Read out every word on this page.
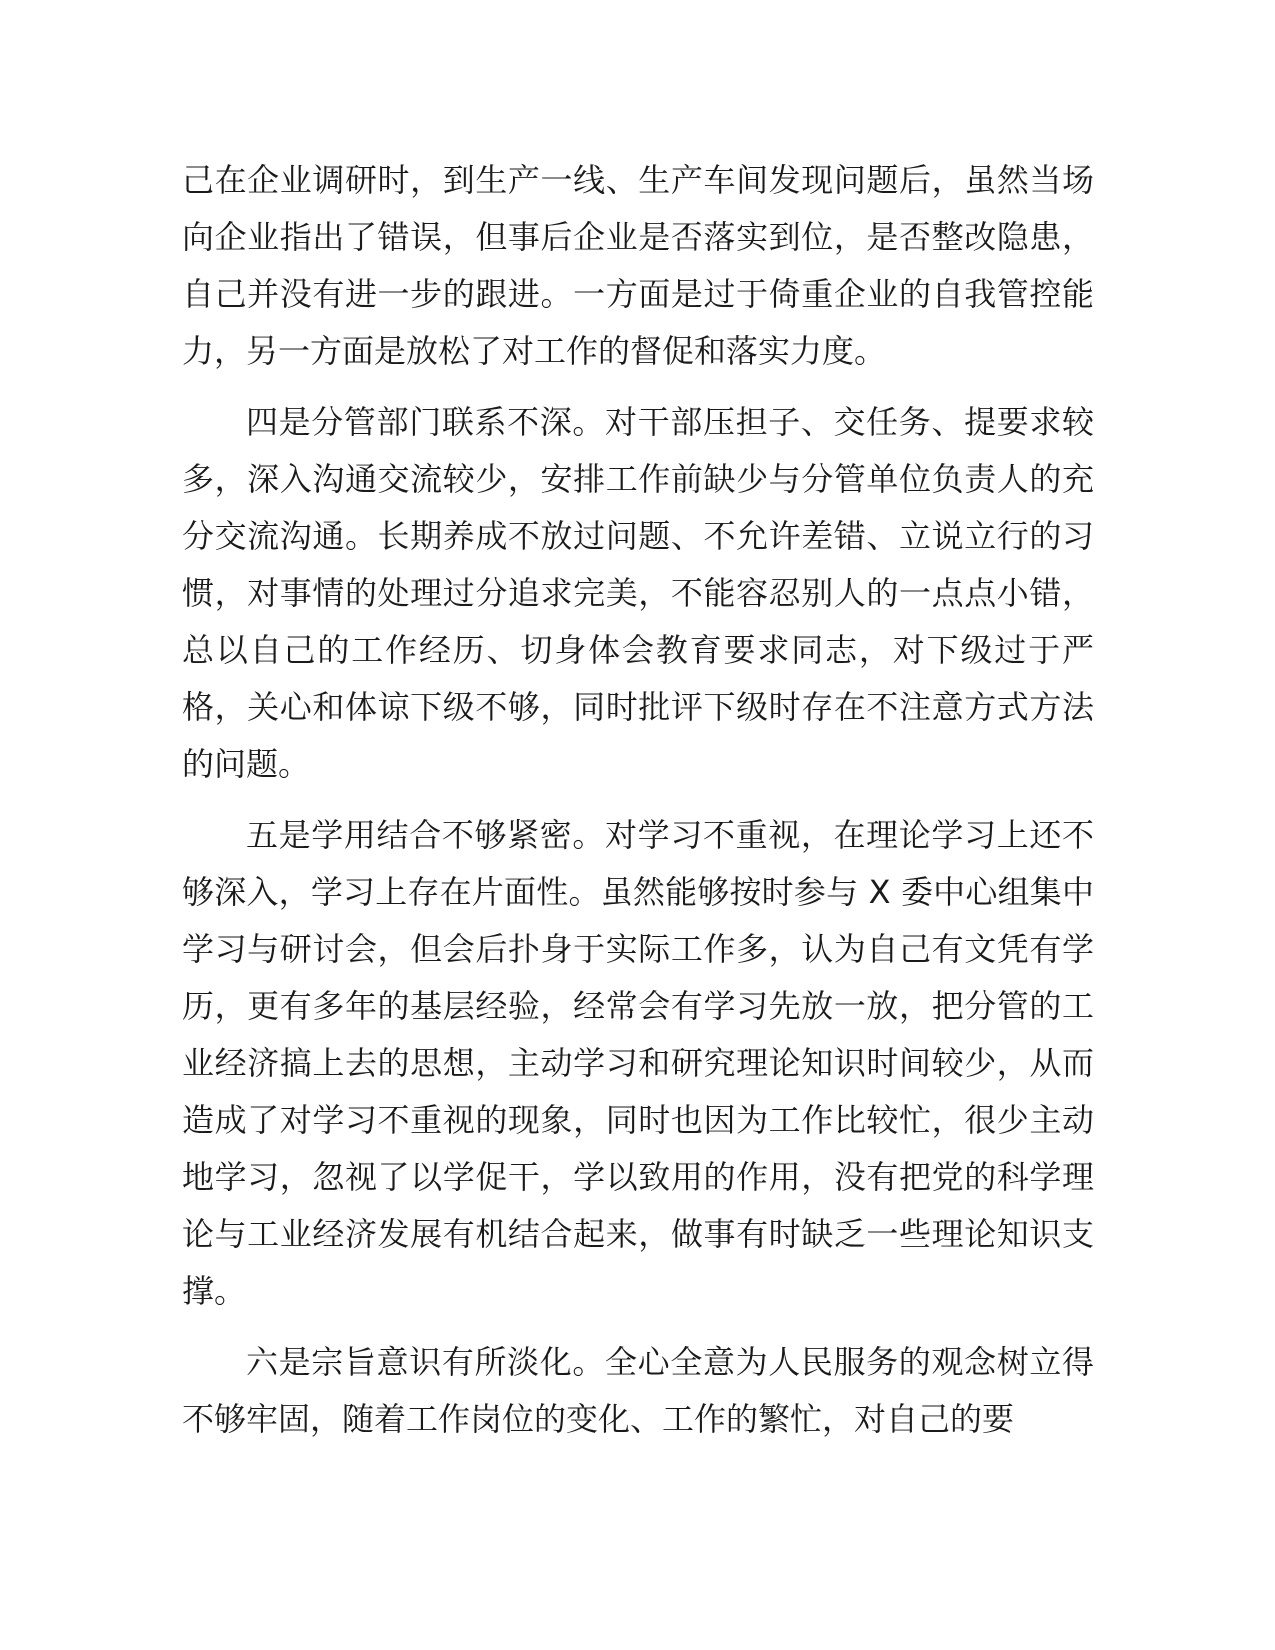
己在企业调研时，到生产一线、生产车间发现问题后，虽然当场向企业指出了错误，但事后企业是否落实到位，是否整改隐患，自己并没有进一步的跟进。一方面是过于倚重企业的自我管控能力，另一方面是放松了对工作的督促和落实力度。

四是分管部门联系不深。对干部压担子、交任务、提要求较多，深入沟通交流较少，安排工作前缺少与分管单位负责人的充分交流沟通。长期养成不放过问题、不允许差错、立说立行的习惯，对事情的处理过分追求完美，不能容忍别人的一点点小错，总以自己的工作经历、切身体会教育要求同志，对下级过于严格，关心和体谅下级不够，同时批评下级时存在不注意方式方法的问题。

五是学用结合不够紧密。对学习不重视，在理论学习上还不够深入，学习上存在片面性。虽然能够按时参与 X 委中心组集中学习与研讨会，但会后扑身于实际工作多，认为自己有文凭有学历，更有多年的基层经验，经常会有学习先放一放，把分管的工业经济搞上去的思想，主动学习和研究理论知识时间较少，从而造成了对学习不重视的现象，同时也因为工作比较忙，很少主动地学习，忽视了以学促干，学以致用的作用，没有把党的科学理论与工业经济发展有机结合起来，做事有时缺乏一些理论知识支撑。

六是宗旨意识有所淡化。全心全意为人民服务的观念树立得不够牢固，随着工作岗位的变化、工作的繁忙，对自己的要
